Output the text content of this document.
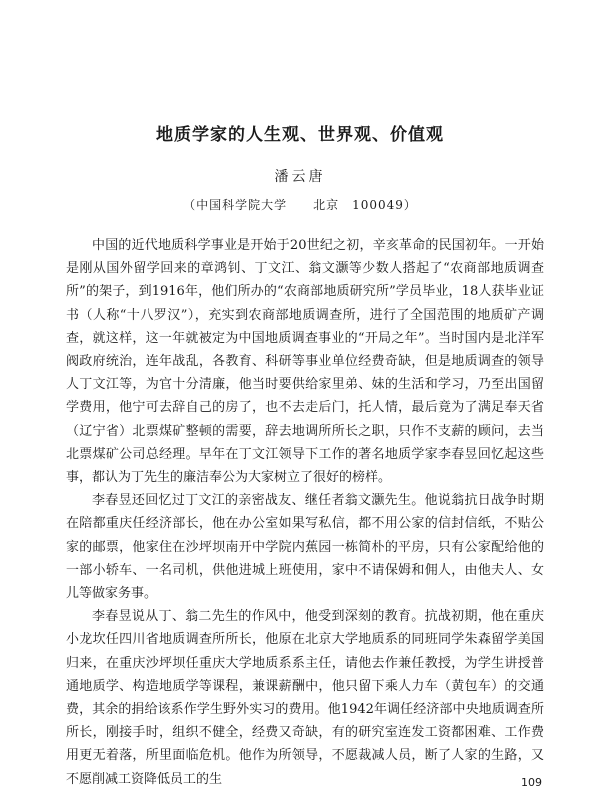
地质学家的人生观、世界观、价值观
潘云唐
（中国科学院大学　　北京　100049）

中国的近代地质科学事业是开始于20世纪之初，辛亥革命的民国初年。一开始是刚从国外留学回来的章鸿钊、丁文江、翁文灏等少数人搭起了“农商部地质调查所”的架子，到1916年，他们所办的“农商部地质研究所”学员毕业，18人获毕业证书（人称“十八罗汉”），充实到农商部地质调查所，进行了全国范围的地质矿产调查，就这样，这一年就被定为中国地质调查事业的“开局之年”。当时国内是北洋军阀政府统治，连年战乱，各教育、科研等事业单位经费奇缺，但是地质调查的领导人丁文江等，为官十分清廉，他当时要供给家里弟、妹的生活和学习，乃至出国留学费用，他宁可去辞自己的房了，也不去走后门，托人情，最后竟为了满足奉天省（辽宁省）北票煤矿整顿的需要，辞去地调所所长之职，只作不支薪的顾问，去当北票煤矿公司总经理。早年在丁文江领导下工作的著名地质学家李春昱回忆起这些事，都认为丁先生的廉洁奉公为大家树立了很好的榜样。

李春昱还回忆过丁文江的亲密战友、继任者翁文灏先生。他说翁抗日战争时期在陪都重庆任经济部长，他在办公室如果写私信，都不用公家的信封信纸，不贴公家的邮票，他家住在沙坪坝南开中学院内蕉园一栋简朴的平房，只有公家配给他的一部小轿车、一名司机，供他进城上班使用，家中不请保姆和佣人，由他夫人、女儿等做家务事。

李春昱说从丁、翁二先生的作风中，他受到深刻的教育。抗战初期，他在重庆小龙坎任四川省地质调查所所长，他原在北京大学地质系的同班同学朱森留学美国归来，在重庆沙坪坝任重庆大学地质系系主任，请他去作兼任教授，为学生讲授普通地质学、构造地质学等课程，兼课薪酬中，他只留下乘人力车（黄包车）的交通费，其余的捐给该系作学生野外实习的费用。他1942年调任经济部中央地质调查所所长，刚接手时，组织不健全，经费又奇缺，有的研究室连发工资都困难、工作费用更无着落，所里面临危机。他作为所领导，不愿裁减人员，断了人家的生路，又不愿削减工资降低员工的生	109
